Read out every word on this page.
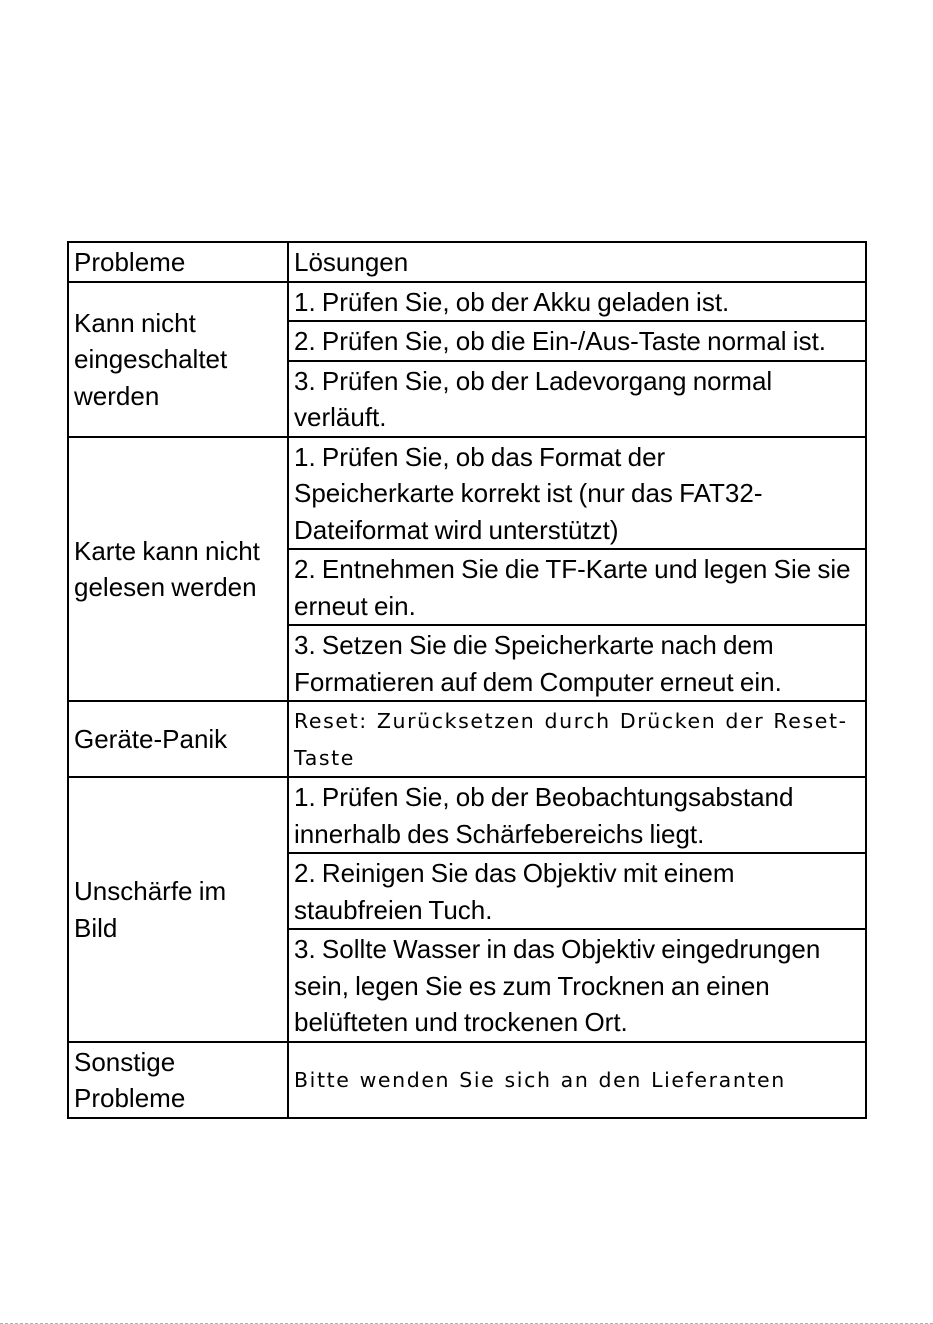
Probleme	Lösungen
Kann nicht eingeschaltet werden	1. Prüfen Sie, ob der Akku geladen ist.
	2. Prüfen Sie, ob die Ein-/Aus-Taste normal ist.
	3. Prüfen Sie, ob der Ladevorgang normal verläuft.
Karte kann nicht gelesen werden	1. Prüfen Sie, ob das Format der Speicherkarte korrekt ist (nur das FAT32-Dateiformat wird unterstützt)
	2. Entnehmen Sie die TF-Karte und legen Sie sie erneut ein.
	3. Setzen Sie die Speicherkarte nach dem Formatieren auf dem Computer erneut ein.
Geräte-Panik	Reset: Zurücksetzen durch Drücken der Reset-Taste
Unschärfe im Bild	1. Prüfen Sie, ob der Beobachtungsabstand innerhalb des Schärfebereichs liegt.
	2. Reinigen Sie das Objektiv mit einem staubfreien Tuch.
	3. Sollte Wasser in das Objektiv eingedrungen sein, legen Sie es zum Trocknen an einen belüfteten und trockenen Ort.
Sonstige Probleme	Bitte wenden Sie sich an den Lieferanten
